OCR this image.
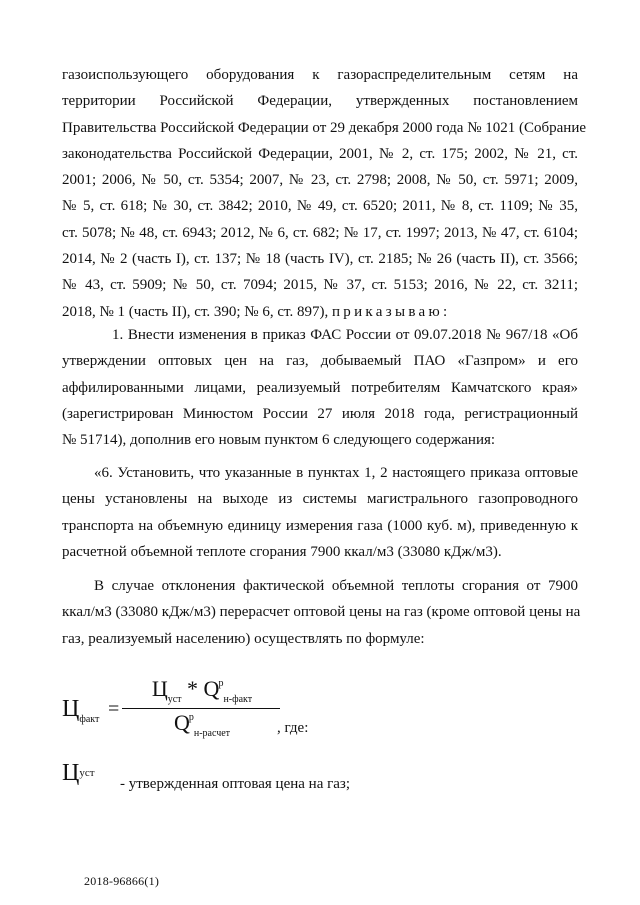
газоиспользующего оборудования к газораспределительным сетям на
территории Российской Федерации, утвержденных постановлением
Правительства Российской Федерации от 29 декабря 2000 года № 1021 (Собрание
законодательства Российской Федерации, 2001, № 2, ст. 175; 2002, № 21, ст.
2001; 2006, № 50, ст. 5354; 2007, № 23, ст. 2798; 2008, № 50, ст. 5971; 2009,
№ 5, ст. 618; № 30, ст. 3842; 2010, № 49, ст. 6520; 2011, № 8, ст. 1109; № 35,
ст. 5078; № 48, ст. 6943; 2012, № 6, ст. 682; № 17, ст. 1997; 2013, № 47, ст. 6104;
2014, № 2 (часть I), ст. 137; № 18 (часть IV), ст. 2185; № 26 (часть II), ст. 3566;
№ 43, ст. 5909; № 50, ст. 7094; 2015, № 37, ст. 5153; 2016, № 22, ст. 3211;
2018, № 1 (часть II), ст. 390; № 6, ст. 897), приказываю:
1. Внести изменения в приказ ФАС России от 09.07.2018 № 967/18 «Об
утверждении оптовых цен на газ, добываемый ПАО «Газпром» и его
аффилированными лицами, реализуемый потребителям Камчатского края»
(зарегистрирован Минюстом России 27 июля 2018 года, регистрационный
№ 51714), дополнив его новым пунктом 6 следующего содержания:
«6. Установить, что указанные в пунктах 1, 2 настоящего приказа оптовые
цены установлены на выходе из системы магистрального газопроводного
транспорта на объемную единицу измерения газа (1000 куб. м), приведенную к
расчетной объемной теплоте сгорания 7900 ккал/м3 (33080 кДж/м3).
В случае отклонения фактической объемной теплоты сгорания от 7900
ккал/м3 (33080 кДж/м3) перерасчет оптовой цены на газ (кроме оптовой цены на
газ, реализуемый населению) осуществлять по формуле:
$Ц_{факт}$ =
$Ц_{уст} * Q^р_{н-факт}$
$Q^р_{н-расчет}$	, где:
$Ц^{уст}$
- утвержденная оптовая цена на газ;
2018-96866(1)
